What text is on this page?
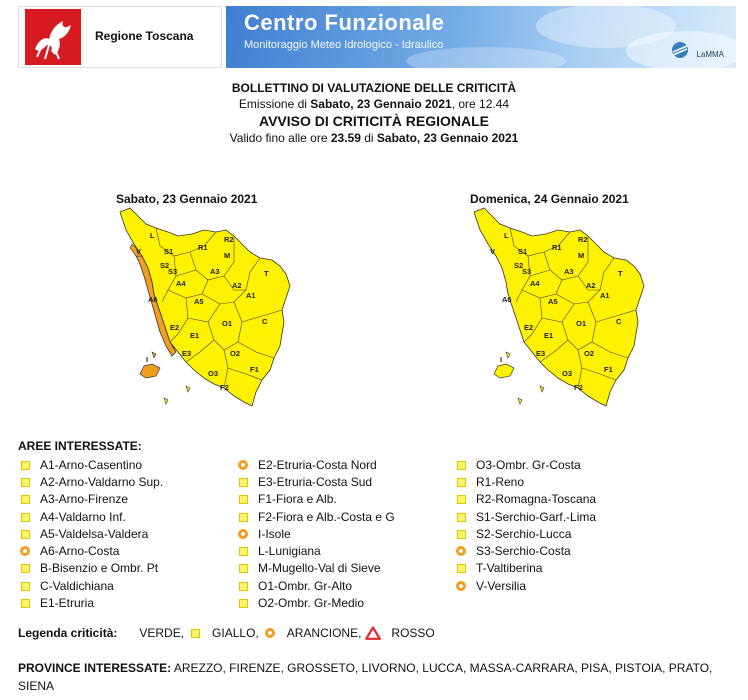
Regione Toscana
Centro Funzionale
Monitoraggio Meteo Idrologico - Idraulico
LaMMA
BOLLETTINO DI VALUTAZIONE DELLE CRITICITÀ
Emissione di Sabato, 23 Gennaio 2021, ore 12.44
AVVISO DI CRITICITÀ REGIONALE
Valido fino alle ore 23.59 di Sabato, 23 Gennaio 2021
Sabato, 23 Gennaio 2021	Domenica, 24 Gennaio 2021
V
L	R2
S1	M
S2
R1
T
A4
A3
A1
A6	A5
S3
A2
E2	O1	C
E1
O2
E3
O3	F1
F2
I
V
L	R2
S1	M
S2
R1
T
A4
A3
A1
A6	A5
S3
A2
E2	O1	C
E1
O2
E3
O3	F1
F2
I
AREE INTERESSATE:
A1-Arno-Casentino
A2-Arno-Valdarno Sup.
A3-Arno-Firenze
A4-Valdarno Inf.
A5-Valdelsa-Valdera
A6-Arno-Costa
B-Bisenzio e Ombr. Pt
C-Valdichiana
E1-Etruria
E2-Etruria-Costa Nord
E3-Etruria-Costa Sud
F1-Fiora e Alb.
F2-Fiora e Alb.-Costa e G
I-Isole
L-Lunigiana
M-Mugello-Val di Sieve
O1-Ombr. Gr-Alto
O2-Ombr. Gr-Medio
O3-Ombr. Gr-Costa
R1-Reno
R2-Romagna-Toscana
S1-Serchio-Garf.-Lima
S2-Serchio-Lucca
S3-Serchio-Costa
T-Valtiberina
V-Versilia
Legenda criticità: VERDE, GIALLO, ARANCIONE,	ROSSO
PROVINCE INTERESSATE: AREZZO, FIRENZE, GROSSETO, LIVORNO, LUCCA, MASSA-CARRARA, PISA, PISTOIA, PRATO, SIENA
